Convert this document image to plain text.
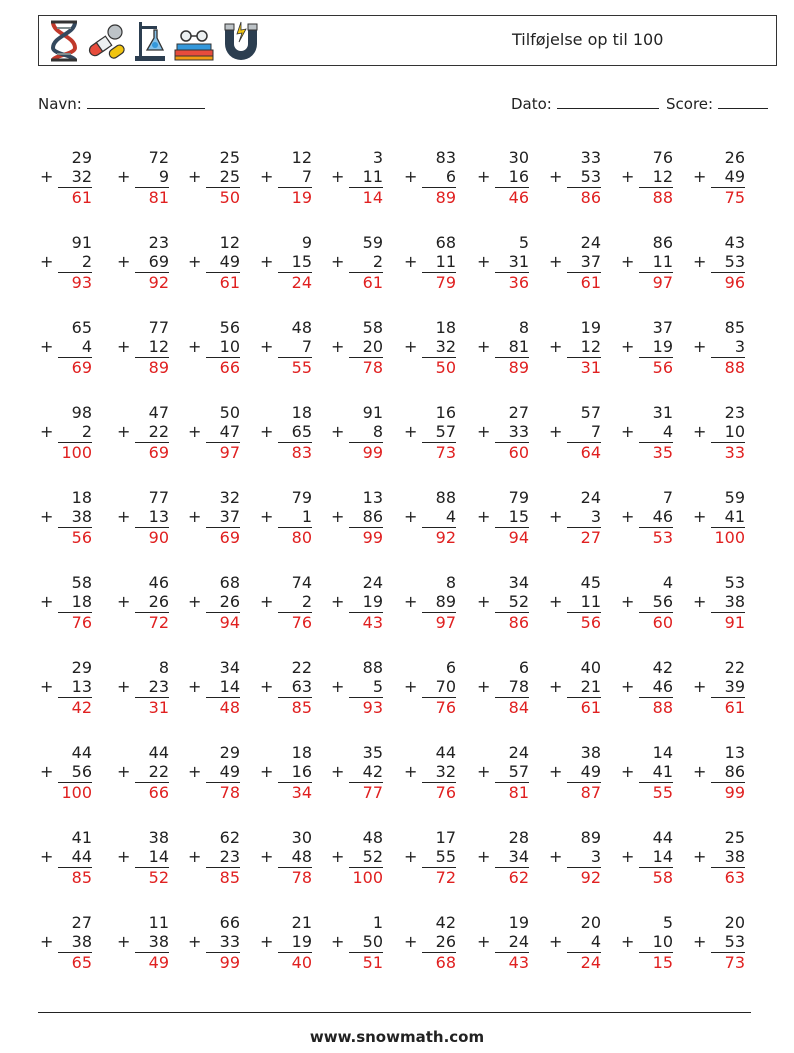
Tilføjelse op til 100
Navn:	Dato:	Score:
29
+ 32
61
72
+ 9
81
25
+ 25
50
12
+ 7
19
3
+ 11
14
83
+ 6
89
30
+ 16
46
33
+ 53
86
76
+ 12
88
26
+ 49
75
91
+ 2
93
23
+ 69
92
12
+ 49
61
9
+ 15
24
59
+ 2
61
68
+ 11
79
5
+ 31
36
24
+ 37
61
86
+ 11
97
43
+ 53
96
65
+ 4
69
77
+ 12
89
56
+ 10
66
48
+ 7
55
58
+ 20
78
18
+ 32
50
8
+ 81
89
19
+ 12
31
37
+ 19
56
85
+ 3
88
98
+ 2
100
47
+ 22
69
50
+ 47
97
18
+ 65
83
91
+ 8
99
16
+ 57
73
27
+ 33
60
57
+ 7
64
31
+ 4
35
23
+ 10
33
18
+ 38
56
77
+ 13
90
32
+ 37
69
79
+ 1
80
13
+ 86
99
88
+ 4
92
79
+ 15
94
24
+ 3
27
7
+ 46
53
59
+ 41
100
58
+ 18
76
46
+ 26
72
68
+ 26
94
74
+ 2
76
24
+ 19
43
8
+ 89
97
34
+ 52
86
45
+ 11
56
4
+ 56
60
53
+ 38
91
29
+ 13
42
8
+ 23
31
34
+ 14
48
22
+ 63
85
88
+ 5
93
6
+ 70
76
6
+ 78
84
40
+ 21
61
42
+ 46
88
22
+ 39
61
44
+ 56
100
44
+ 22
66
29
+ 49
78
18
+ 16
34
35
+ 42
77
44
+ 32
76
24
+ 57
81
38
+ 49
87
14
+ 41
55
13
+ 86
99
41
+ 44
85
38
+ 14
52
62
+ 23
85
30
+ 48
78
48
+ 52
100
17
+ 55
72
28
+ 34
62
89
+ 3
92
44
+ 14
58
25
+ 38
63
27
+ 38
65
11
+ 38
49
66
+ 33
99
21
+ 19
40
1
+ 50
51
42
+ 26
68
19
+ 24
43
20
+ 4
24
5
+ 10
15
20
+ 53
73
www.snowmath.com
